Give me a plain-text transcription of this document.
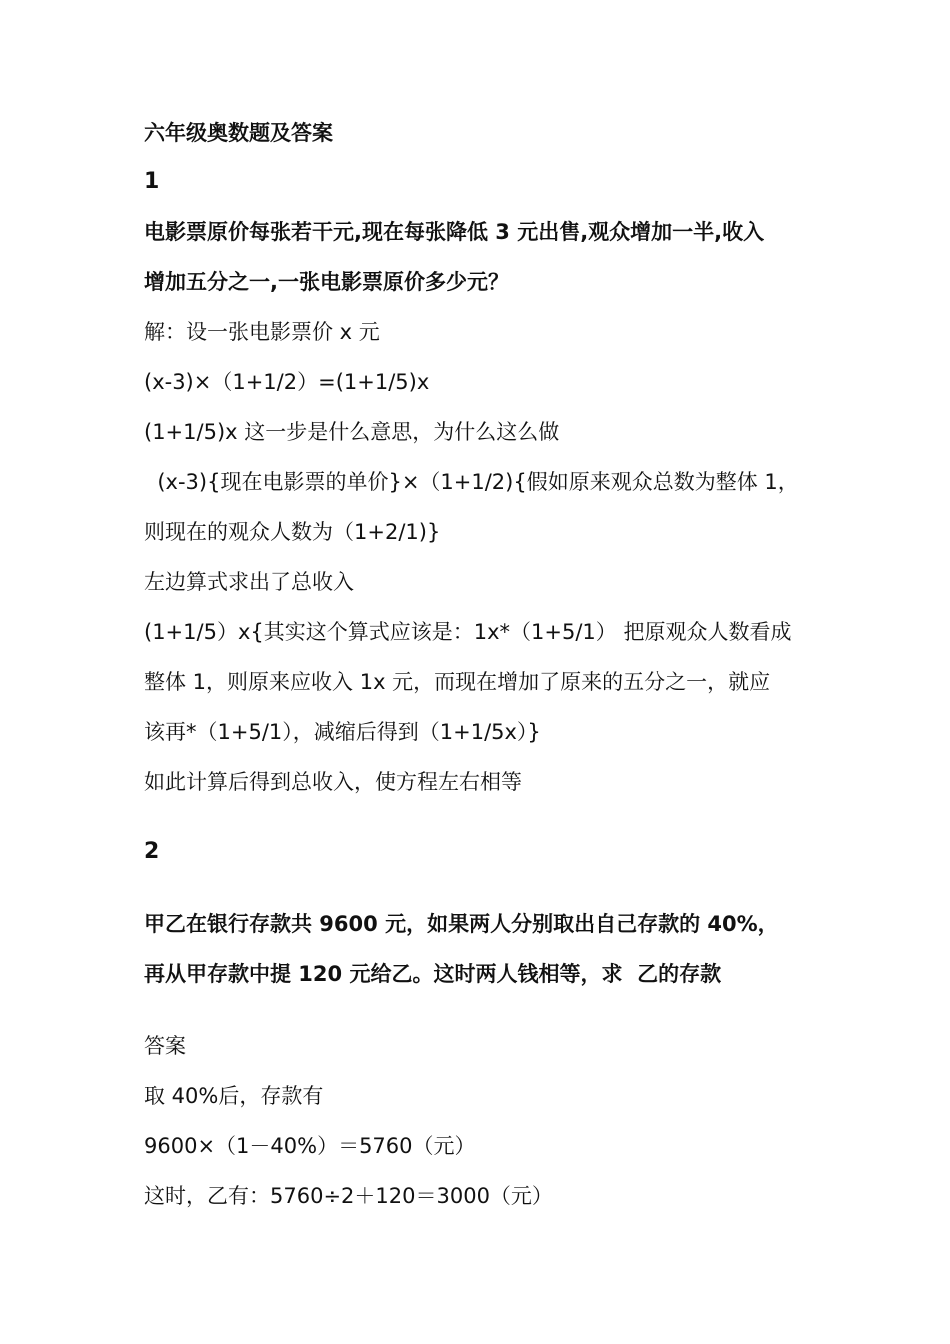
六年级奥数题及答案
1
电影票原价每张若干元,现在每张降低 3 元出售,观众增加一半,收入
增加五分之一,一张电影票原价多少元？
解：设一张电影票价 x 元
(x-3)×（1+1/2）=(1+1/5)x
(1+1/5)x 这一步是什么意思，为什么这么做
(x-3){现在电影票的单价}×（1+1/2){假如原来观众总数为整体 1，
则现在的观众人数为（1+2/1)}
左边算式求出了总收入
(1+1/5）x{其实这个算式应该是：1x*（1+5/1） 把原观众人数看成
整体 1，则原来应收入 1x 元，而现在增加了原来的五分之一，就应
该再*（1+5/1），减缩后得到（1+1/5x）}
如此计算后得到总收入，使方程左右相等
2
甲乙在银行存款共 9600 元，如果两人分别取出自己存款的 40%，
再从甲存款中提 120 元给乙。这时两人钱相等，求  乙的存款
答案
取 40%后，存款有
9600×（1－40%）＝5760（元）
这时，乙有：5760÷2＋120＝3000（元）
